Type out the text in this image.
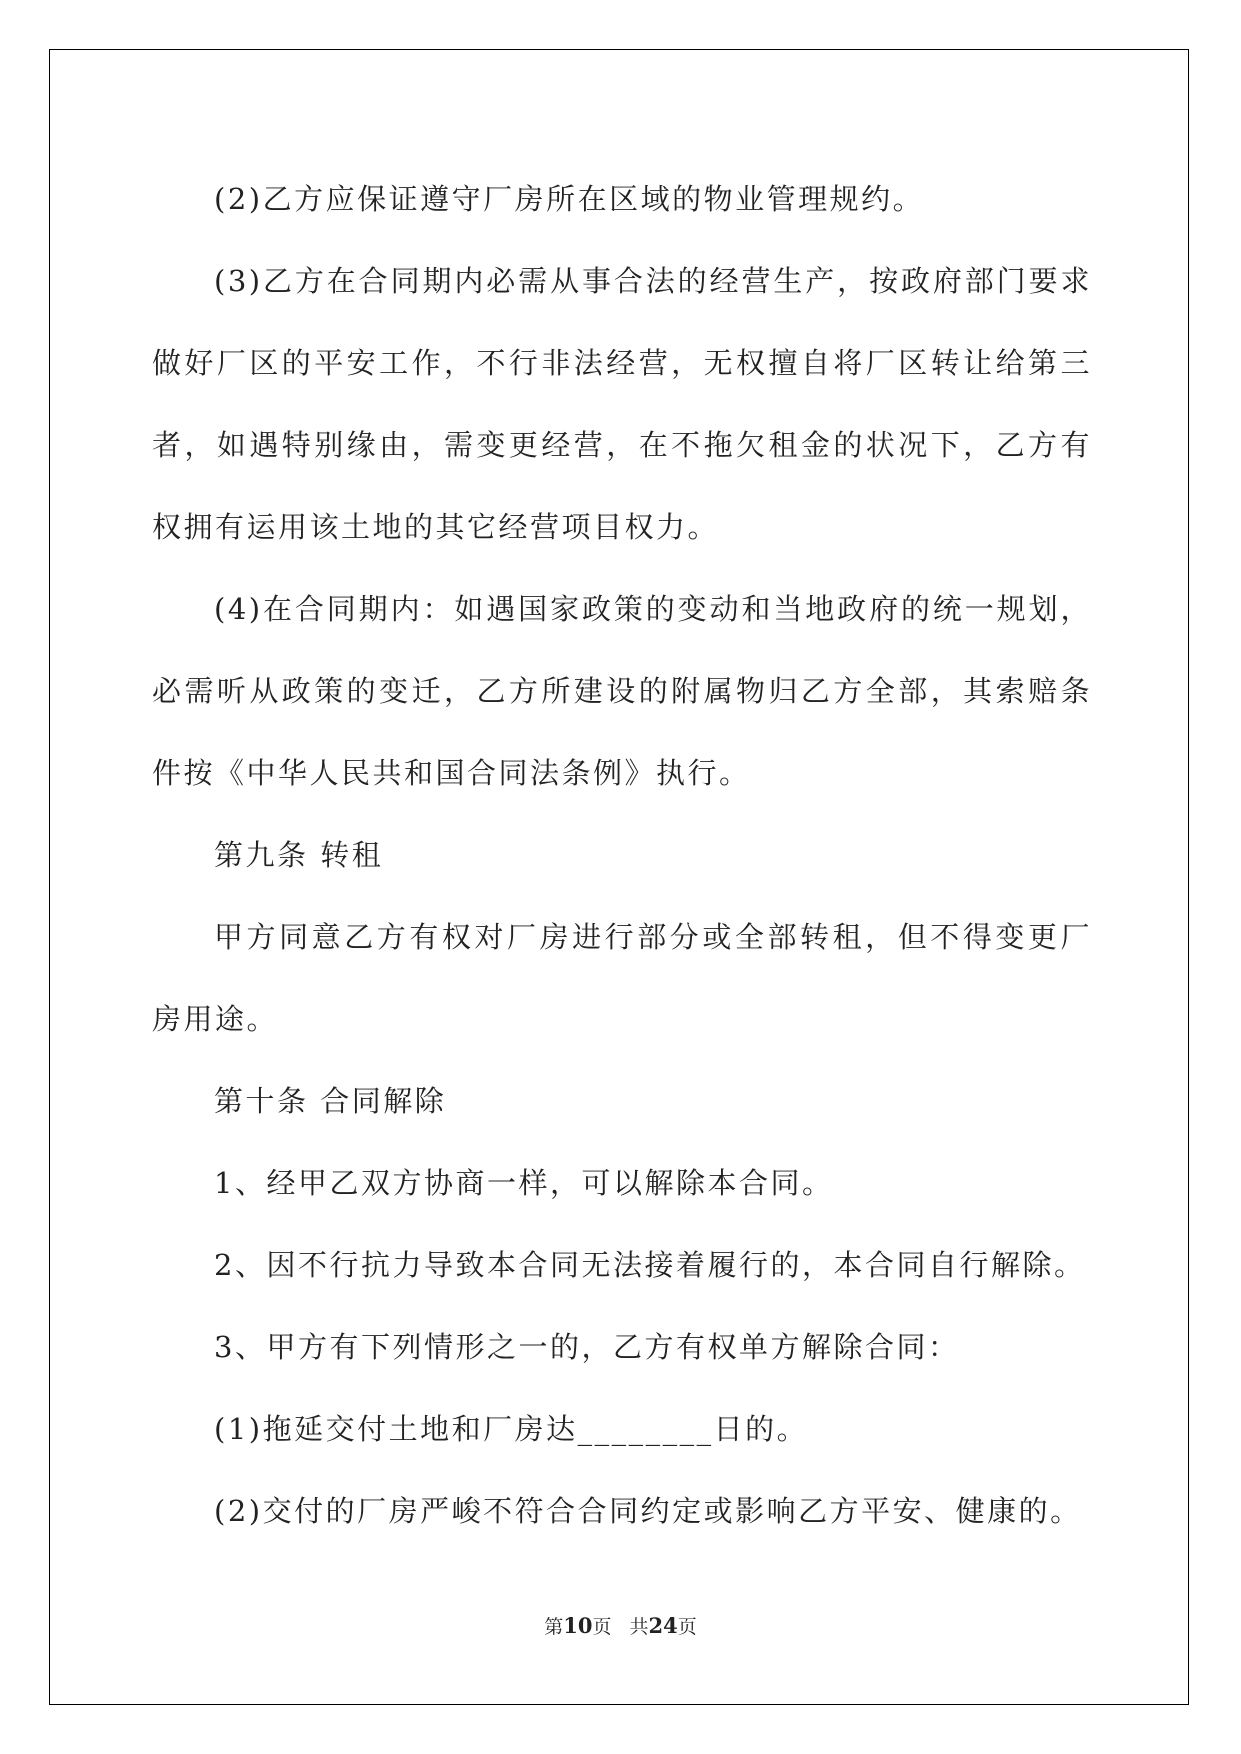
(2)乙方应保证遵守厂房所在区域的物业管理规约。

(3)乙方在合同期内必需从事合法的经营生产，按政府部门要求做好厂区的平安工作，不行非法经营，无权擅自将厂区转让给第三者，如遇特别缘由，需变更经营，在不拖欠租金的状况下，乙方有权拥有运用该土地的其它经营项目权力。

(4)在合同期内：如遇国家政策的变动和当地政府的统一规划，必需听从政策的变迁，乙方所建设的附属物归乙方全部，其索赔条件按《中华人民共和国合同法条例》执行。

第九条 转租

甲方同意乙方有权对厂房进行部分或全部转租，但不得变更厂房用途。

第十条 合同解除

1、经甲乙双方协商一样，可以解除本合同。

2、因不行抗力导致本合同无法接着履行的，本合同自行解除。

3、甲方有下列情形之一的，乙方有权单方解除合同：

(1)拖延交付土地和厂房达________日的。

(2)交付的厂房严峻不符合合同约定或影响乙方平安、健康的。

第10页 共24页
